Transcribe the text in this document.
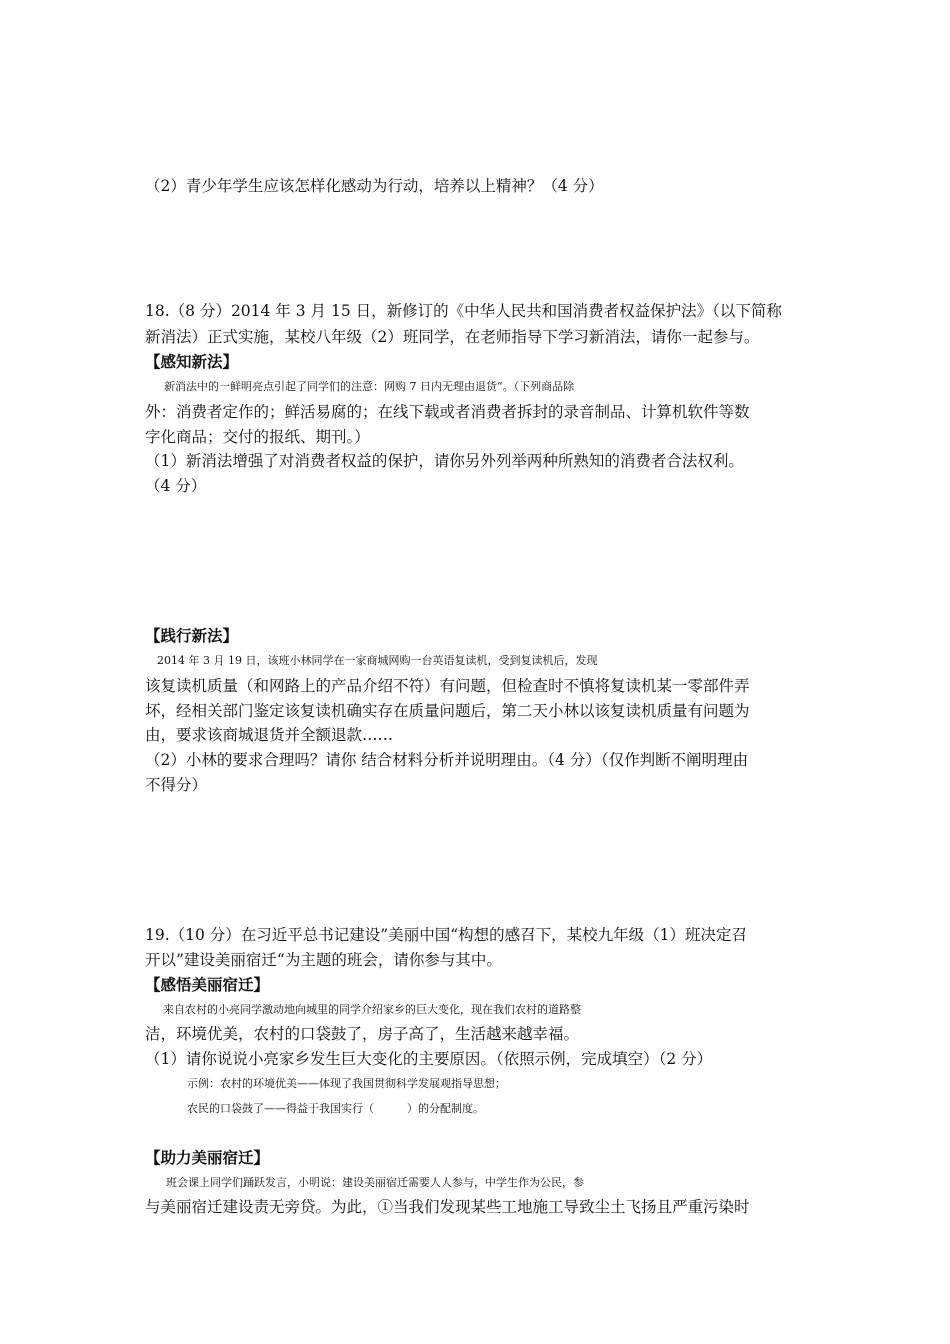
（2）青少年学生应该怎样化感动为行动，培养以上精神？（4 分）
18.（8 分）2014 年 3 月 15 日，新修订的《中华人民共和国消费者权益保护法》（以下简称
新消法）正式实施，某校八年级（2）班同学，在老师指导下学习新消法，请你一起参与。
【感知新法】
新消法中的一鲜明亮点引起了同学们的注意：网购 7 日内无理由退货“。（下列商品除
外：消费者定作的；鲜活易腐的；在线下载或者消费者拆封的录音制品、计算机软件等数
字化商品；交付的报纸、期刊。）
（1）新消法增强了对消费者权益的保护，请你另外列举两种所熟知的消费者合法权利。
（4 分）
【践行新法】
2014 年 3 月 19 日，该班小林同学在一家商城网购一台英语复读机，受到复读机后，发现
该复读机质量（和网路上的产品介绍不符）有问题，但检查时不慎将复读机某一零部件弄
坏，经相关部门鉴定该复读机确实存在质量问题后，第二天小林以该复读机质量有问题为
由，要求该商城退货并全额退款……
（2）小林的要求合理吗？请你 结合材料分析并说明理由。（4 分）（仅作判断不阐明理由
不得分）
19.（10 分）在习近平总书记建设”美丽中国“构想的感召下，某校九年级（1）班决定召
开以”建设美丽宿迁“为主题的班会，请你参与其中。
【感悟美丽宿迁】
来自农村的小亮同学激动地向城里的同学介绍家乡的巨大变化，现在我们农村的道路整
洁，环境优美，农村的口袋鼓了，房子高了，生活越来越幸福。
（1）请你说说小亮家乡发生巨大变化的主要原因。（依照示例，完成填空）（2 分）
示例：农村的环境优美——体现了我国贯彻科学发展观指导思想；
农民的口袋鼓了——得益于我国实行（　　　）的分配制度。
【助力美丽宿迁】
班会课上同学们踊跃发言，小明说：建设美丽宿迁需要人人参与，中学生作为公民，参
与美丽宿迁建设责无旁贷。为此，①当我们发现某些工地施工导致尘土飞扬且严重污染时
